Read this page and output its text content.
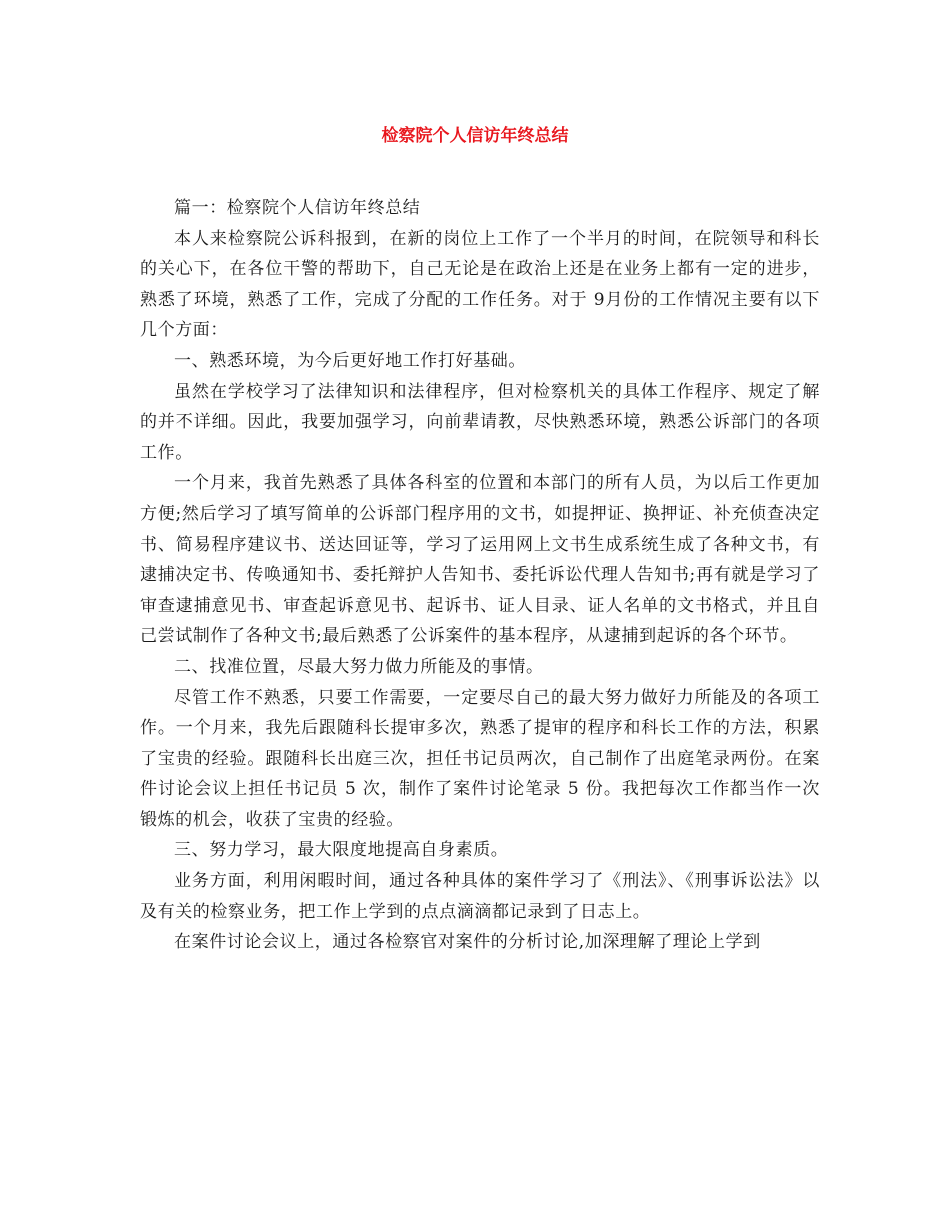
检察院个人信访年终总结

篇一：检察院个人信访年终总结

本人来检察院公诉科报到，在新的岗位上工作了一个半月的时间，在院领导和科长的关心下，在各位干警的帮助下，自己无论是在政治上还是在业务上都有一定的进步，熟悉了环境，熟悉了工作，完成了分配的工作任务。对于 9月份的工作情况主要有以下几个方面：

一、熟悉环境，为今后更好地工作打好基础。

虽然在学校学习了法律知识和法律程序，但对检察机关的具体工作程序、规定了解的并不详细。因此，我要加强学习，向前辈请教，尽快熟悉环境，熟悉公诉部门的各项工作。

一个月来，我首先熟悉了具体各科室的位置和本部门的所有人员，为以后工作更加方便;然后学习了填写简单的公诉部门程序用的文书，如提押证、换押证、补充侦查决定书、简易程序建议书、送达回证等，学习了运用网上文书生成系统生成了各种文书，有逮捕决定书、传唤通知书、委托辩护人告知书、委托诉讼代理人告知书;再有就是学习了审查逮捕意见书、审查起诉意见书、起诉书、证人目录、证人名单的文书格式，并且自己尝试制作了各种文书;最后熟悉了公诉案件的基本程序，从逮捕到起诉的各个环节。

二、找准位置，尽最大努力做力所能及的事情。

尽管工作不熟悉，只要工作需要，一定要尽自己的最大努力做好力所能及的各项工作。一个月来，我先后跟随科长提审多次，熟悉了提审的程序和科长工作的方法，积累了宝贵的经验。跟随科长出庭三次，担任书记员两次，自己制作了出庭笔录两份。在案件讨论会议上担任书记员 5 次，制作了案件讨论笔录 5 份。我把每次工作都当作一次锻炼的机会，收获了宝贵的经验。

三、努力学习，最大限度地提高自身素质。

业务方面，利用闲暇时间，通过各种具体的案件学习了《刑法》、《刑事诉讼法》以及有关的检察业务，把工作上学到的点点滴滴都记录到了日志上。

在案件讨论会议上，通过各检察官对案件的分析讨论,加深理解了理论上学到
